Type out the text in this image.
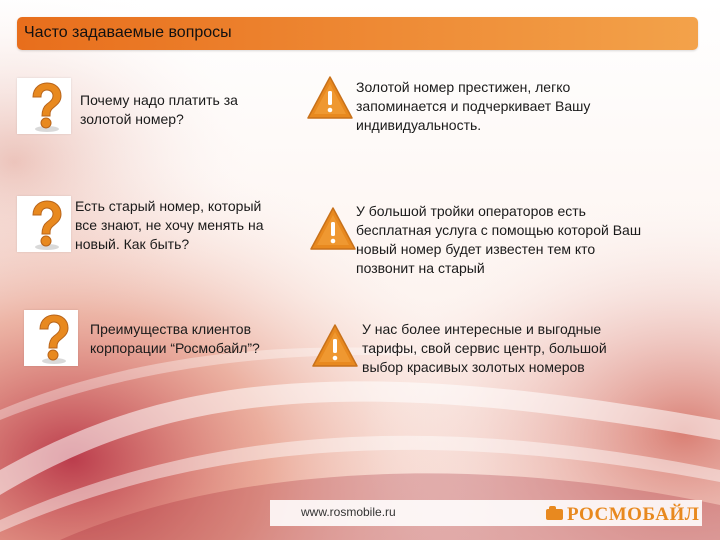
Часто задаваемые вопросы
Почему надо платить за
золотой номер?
Есть старый номер, который
все знают, не хочу менять на
новый. Как быть?
Преимущества клиентов
корпорации “Росмобайл”?
Золотой номер престижен, легко
запоминается и подчеркивает Вашу
индивидуальность.
У большой тройки операторов есть
бесплатная услуга с помощью которой Ваш
новый номер будет известен тем кто
позвонит на старый
У нас более интересные и выгодные
тарифы, свой сервис центр, большой
выбор красивых золотых номеров
www.rosmobile.ru	РОСМОБАЙЛ
